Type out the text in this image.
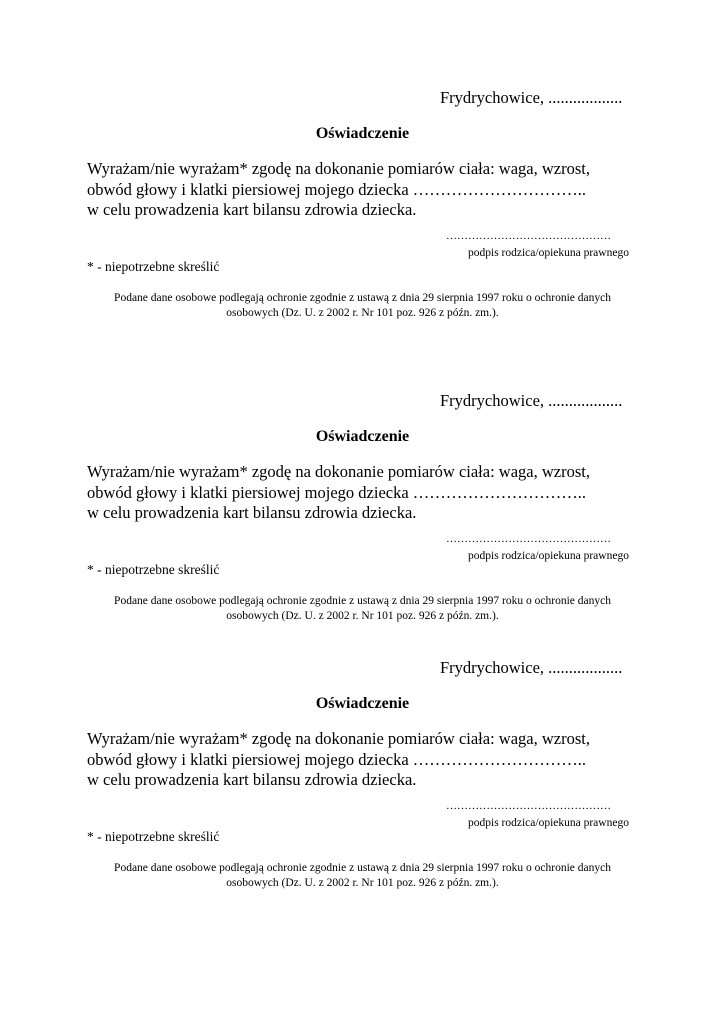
Frydrychowice, ..................
Oświadczenie
Wyrażam/nie wyrażam* zgodę na dokonanie pomiarów ciała: waga, wzrost,
obwód głowy i klatki piersiowej mojego dziecka …………………………..
w celu prowadzenia kart bilansu zdrowia dziecka.
………………………………………
podpis rodzica/opiekuna prawnego
* - niepotrzebne skreślić
Podane dane osobowe podlegają ochronie zgodnie z ustawą z dnia 29 sierpnia 1997 roku o ochronie danych
osobowych (Dz. U. z 2002 r. Nr 101 poz. 926 z późn. zm.).
Frydrychowice, ..................
Oświadczenie
Wyrażam/nie wyrażam* zgodę na dokonanie pomiarów ciała: waga, wzrost,
obwód głowy i klatki piersiowej mojego dziecka …………………………..
w celu prowadzenia kart bilansu zdrowia dziecka.
………………………………………
podpis rodzica/opiekuna prawnego
* - niepotrzebne skreślić
Podane dane osobowe podlegają ochronie zgodnie z ustawą z dnia 29 sierpnia 1997 roku o ochronie danych
osobowych (Dz. U. z 2002 r. Nr 101 poz. 926 z późn. zm.).
Frydrychowice, ..................
Oświadczenie
Wyrażam/nie wyrażam* zgodę na dokonanie pomiarów ciała: waga, wzrost,
obwód głowy i klatki piersiowej mojego dziecka …………………………..
w celu prowadzenia kart bilansu zdrowia dziecka.
………………………………………
podpis rodzica/opiekuna prawnego
* - niepotrzebne skreślić
Podane dane osobowe podlegają ochronie zgodnie z ustawą z dnia 29 sierpnia 1997 roku o ochronie danych
osobowych (Dz. U. z 2002 r. Nr 101 poz. 926 z późn. zm.).
